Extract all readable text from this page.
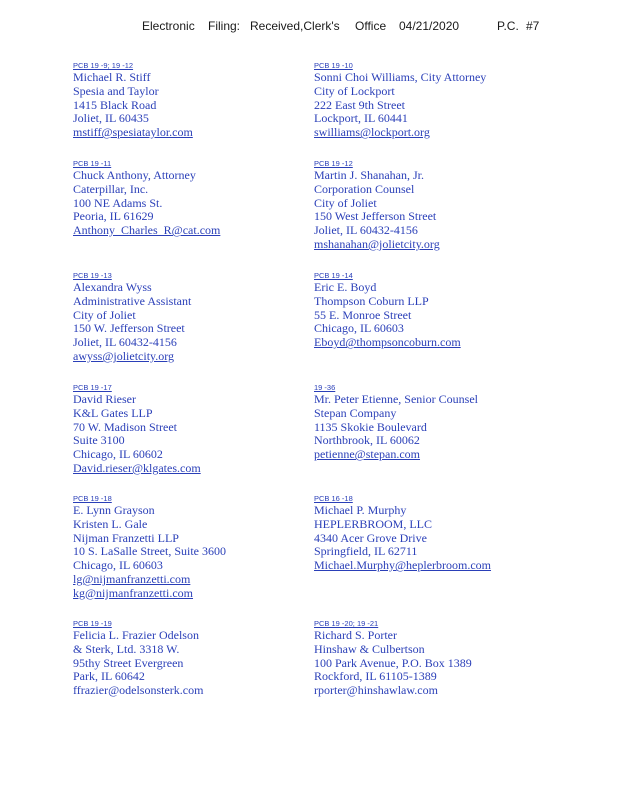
Electronic Filing: Received,Clerk's Office 04/21/2020	P.C. #7
PCB 19 -9; 19 -12
Michael R. Stiff
Spesia and Taylor
1415 Black Road
Joliet, IL 60435
mstiff@spesiataylor.com
PCB 19 -10
Sonni Choi Williams, City Attorney
City of Lockport
222 East 9th Street
Lockport, IL 60441
swilliams@lockport.org
PCB 19 -11
Chuck Anthony, Attorney
Caterpillar, Inc.
100 NE Adams St.
Peoria, IL 61629
Anthony_Charles_R@cat.com
PCB 19 -12
Martin J. Shanahan, Jr.
Corporation Counsel
City of Joliet
150 West Jefferson Street
Joliet, IL 60432-4156
mshanahan@jolietcity.org
PCB 19 -13
Alexandra Wyss
Administrative Assistant
City of Joliet
150 W. Jefferson Street
Joliet, IL 60432-4156
awyss@jolietcity.org
PCB 19 -14
Eric E. Boyd
Thompson Coburn LLP
55 E. Monroe Street
Chicago, IL 60603
Eboyd@thompsoncoburn.com
PCB 19 -17
David Rieser
K&L Gates LLP
70 W. Madison Street
Suite 3100
Chicago, IL 60602
David.rieser@klgates.com
19 -36
Mr. Peter Etienne, Senior Counsel
Stepan Company
1135 Skokie Boulevard
Northbrook, IL 60062
petienne@stepan.com
PCB 19 -18
E. Lynn Grayson
Kristen L. Gale
Nijman Franzetti LLP
10 S. LaSalle Street, Suite 3600
Chicago, IL 60603
lg@nijmanfranzetti.com
kg@nijmanfranzetti.com
PCB 16 -18
Michael P. Murphy
HEPLERBROOM, LLC
4340 Acer Grove Drive
Springfield, IL 62711
Michael.Murphy@heplerbroom.com
PCB 19 -19
Felicia L. Frazier Odelson
& Sterk, Ltd. 3318 W.
95thy Street Evergreen
Park, IL 60642
ffrazier@odelsonsterk.com
PCB 19 -20; 19 -21
Richard S. Porter
Hinshaw & Culbertson
100 Park Avenue, P.O. Box 1389
Rockford, IL 61105-1389
rporter@hinshawlaw.com
